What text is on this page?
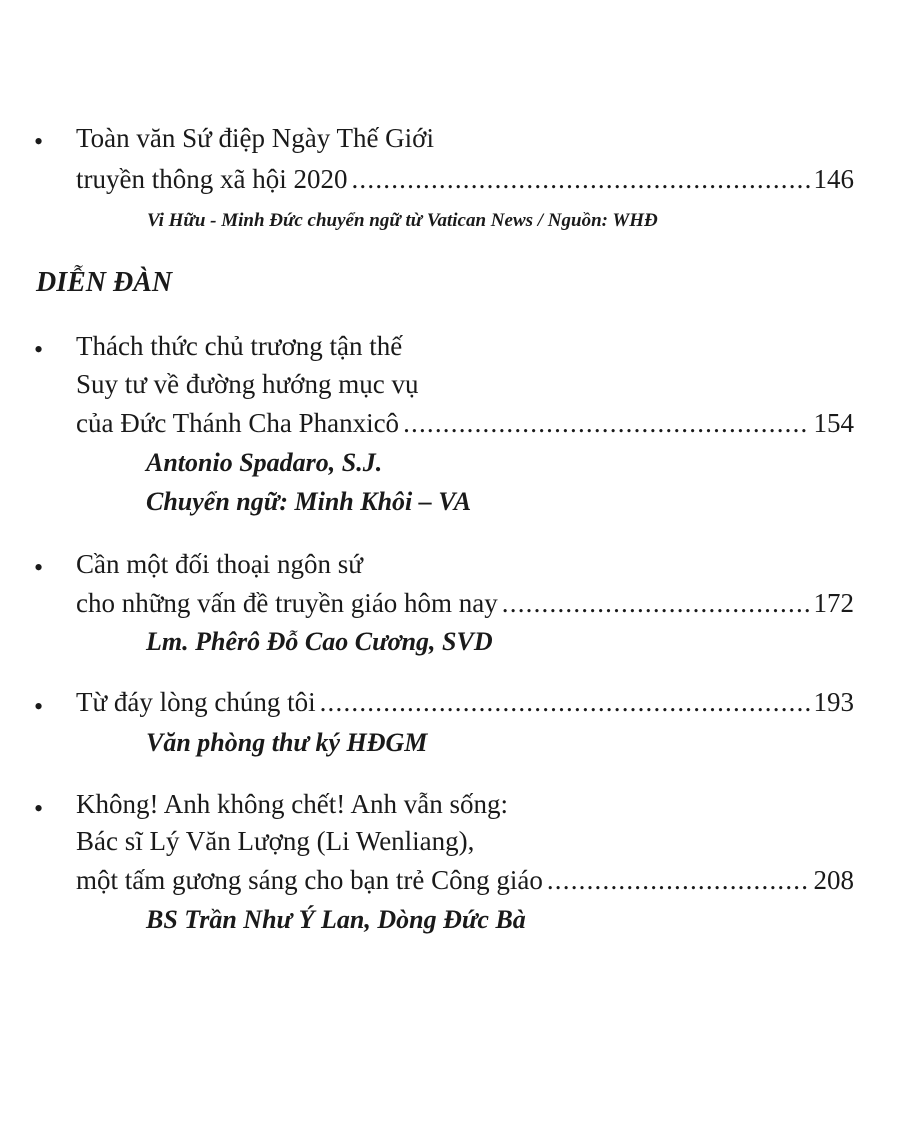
• Toàn văn Sứ điệp Ngày Thế Giới
truyền thông xã hội 2020 .....	146
Vi Hữu - Minh Đức chuyển ngữ từ Vatican News / Nguồn: WHĐ
DIỄN ĐÀN
• Thách thức chủ trương tận thế
Suy tư về đường hướng mục vụ
của Đức Thánh Cha Phanxicô .....	154
Antonio Spadaro, S.J.
Chuyển ngữ: Minh Khôi – VA
• Cần một đối thoại ngôn sứ
cho những vấn đề truyền giáo hôm nay .....	172
Lm. Phêrô Đỗ Cao Cương, SVD
• Từ đáy lòng chúng tôi .....	193
Văn phòng thư ký HĐGM
• Không! Anh không chết! Anh vẫn sống:
Bác sĩ Lý Văn Lượng (Li Wenliang),
một tấm gương sáng cho bạn trẻ Công giáo .....	208
BS Trần Như Ý Lan, Dòng Đức Bà
